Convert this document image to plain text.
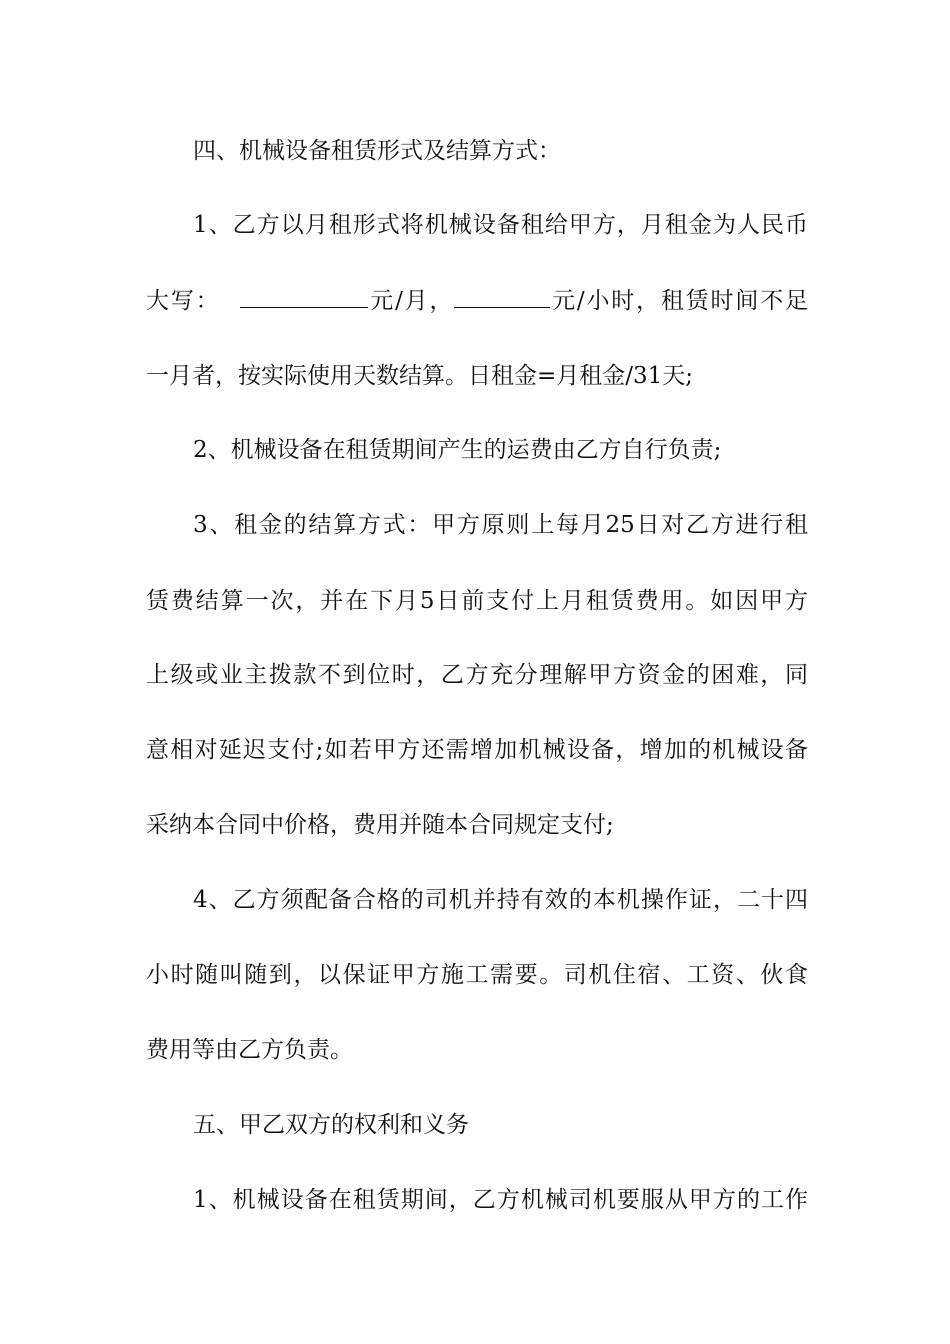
四、机械设备租赁形式及结算方式：
1、乙方以月租形式将机械设备租给甲方，月租金为人民币
大写：	元/月，	元/小时，租赁时间不足
一月者，按实际使用天数结算。日租金=月租金/31天;
2、机械设备在租赁期间产生的运费由乙方自行负责;
3、租金的结算方式：甲方原则上每月25日对乙方进行租
赁费结算一次，并在下月5日前支付上月租赁费用。如因甲方
上级或业主拨款不到位时，乙方充分理解甲方资金的困难，同
意相对延迟支付;如若甲方还需增加机械设备，增加的机械设备
采纳本合同中价格，费用并随本合同规定支付;
4、乙方须配备合格的司机并持有效的本机操作证，二十四
小时随叫随到，以保证甲方施工需要。司机住宿、工资、伙食
费用等由乙方负责。
五、甲乙双方的权利和义务
1、机械设备在租赁期间，乙方机械司机要服从甲方的工作
